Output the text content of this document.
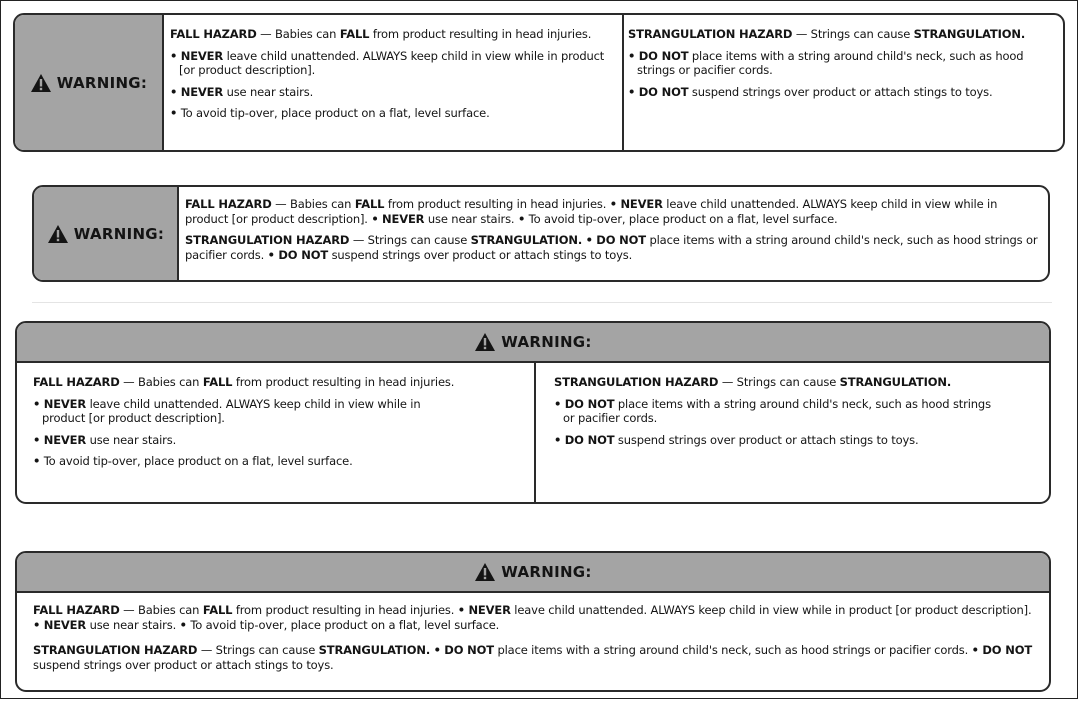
WARNING:

FALL HAZARD — Babies can FALL from product resulting in head injuries.

• NEVER leave child unattended. ALWAYS keep child in view while in product [or product description].

• NEVER use near stairs.

• To avoid tip-over, place product on a flat, level surface.

STRANGULATION HAZARD — Strings can cause STRANGULATION.

• DO NOT place items with a string around child's neck, such as hood strings or pacifier cords.

• DO NOT suspend strings over product or attach stings to toys.

WARNING:

FALL HAZARD — Babies can FALL from product resulting in head injuries. • NEVER leave child unattended. ALWAYS keep child in view while in product [or product description]. • NEVER use near stairs. • To avoid tip-over, place product on a flat, level surface.

STRANGULATION HAZARD — Strings can cause STRANGULATION. • DO NOT place items with a string around child's neck, such as hood strings or pacifier cords. • DO NOT suspend strings over product or attach stings to toys.

WARNING:

FALL HAZARD — Babies can FALL from product resulting in head injuries.

• NEVER leave child unattended. ALWAYS keep child in view while in product [or product description].

• NEVER use near stairs.

• To avoid tip-over, place product on a flat, level surface.

STRANGULATION HAZARD — Strings can cause STRANGULATION.

• DO NOT place items with a string around child's neck, such as hood strings or pacifier cords.

• DO NOT suspend strings over product or attach stings to toys.

WARNING:

FALL HAZARD — Babies can FALL from product resulting in head injuries. • NEVER leave child unattended. ALWAYS keep child in view while in product [or product description]. • NEVER use near stairs. • To avoid tip-over, place product on a flat, level surface.

STRANGULATION HAZARD — Strings can cause STRANGULATION. • DO NOT place items with a string around child's neck, such as hood strings or pacifier cords. • DO NOT suspend strings over product or attach stings to toys.
